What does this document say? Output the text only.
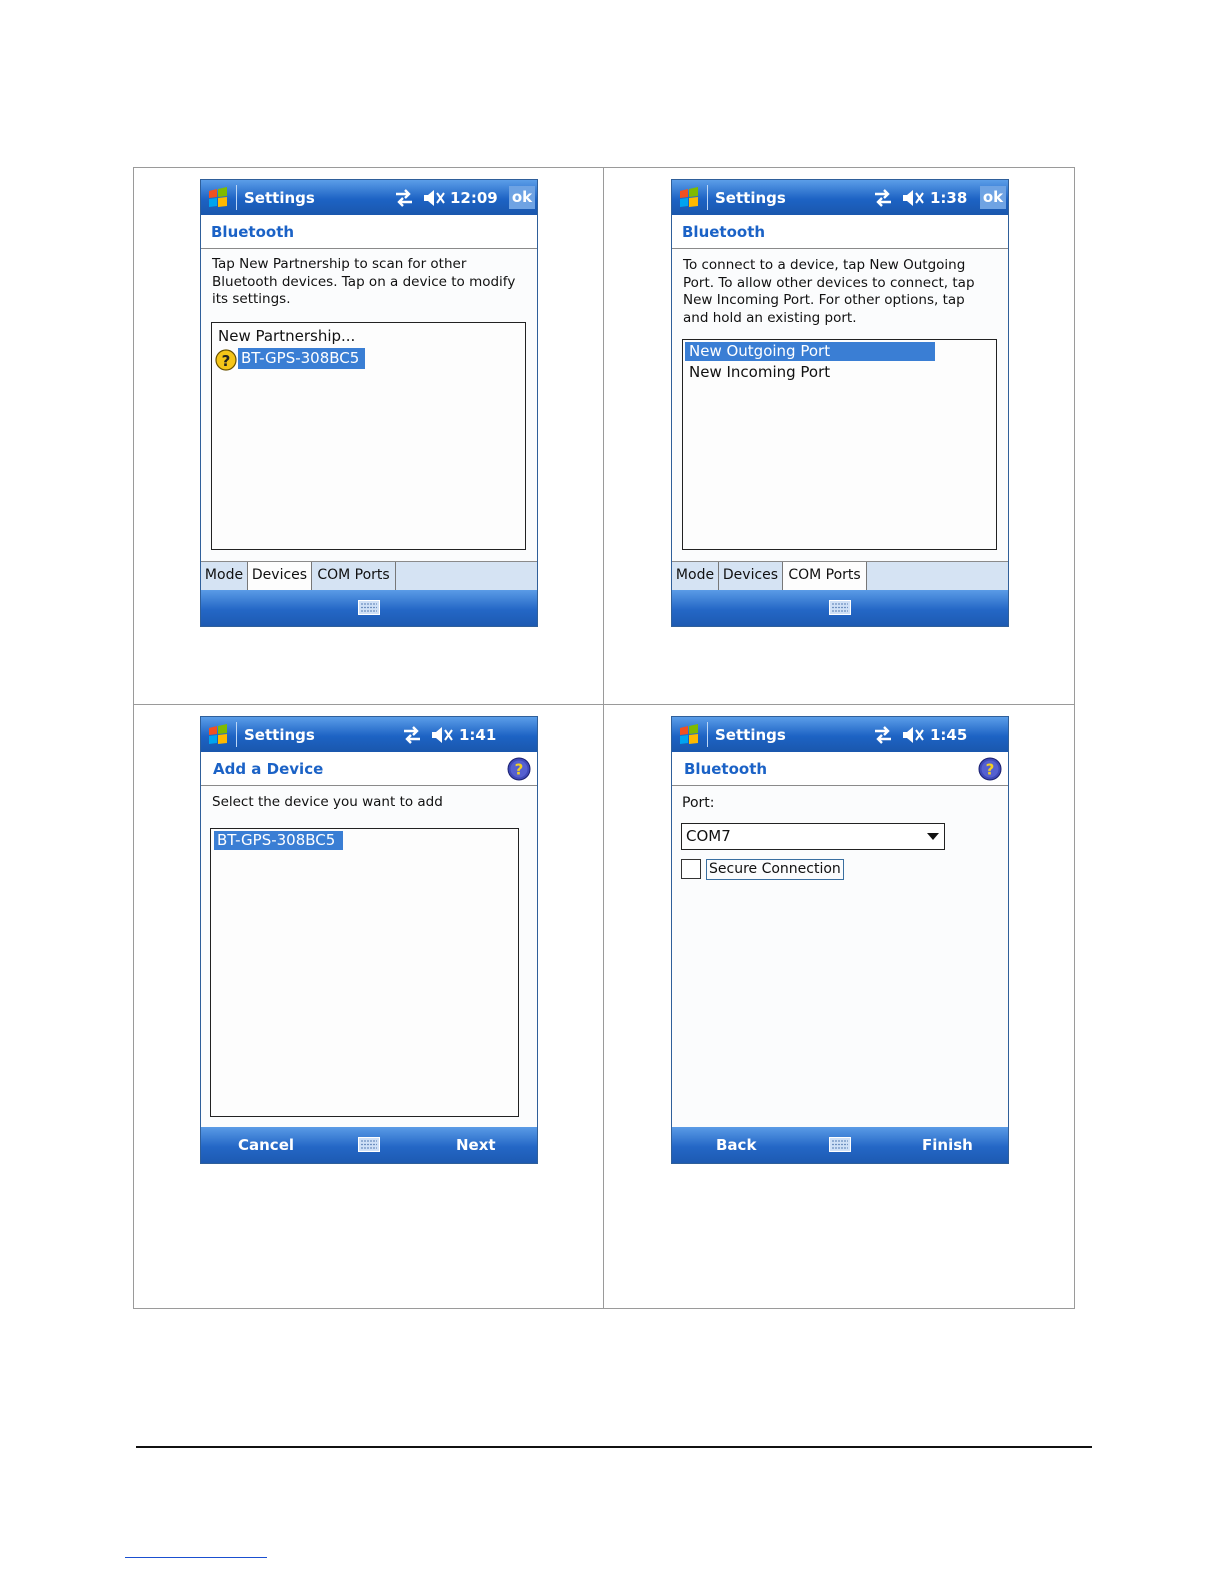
Settings	12:09 ok
Bluetooth
Tap New Partnership to scan for other Bluetooth devices. Tap on a device to modify its settings.
New Partnership...
? BT-GPS-308BC5
Mode Devices COM Ports
Settings	1:38 ok
Bluetooth
To connect to a device, tap New Outgoing Port. To allow other devices to connect, tap New Incoming Port. For other options, tap and hold an existing port.
New Outgoing Port
New Incoming Port
Mode Devices COM Ports
Settings	1:41
Add a Device	?
Select the device you want to add
BT-GPS-308BC5
Cancel	Next
Settings	1:45
Bluetooth	?
Port:
COM7
Secure Connection
Back	Finish
